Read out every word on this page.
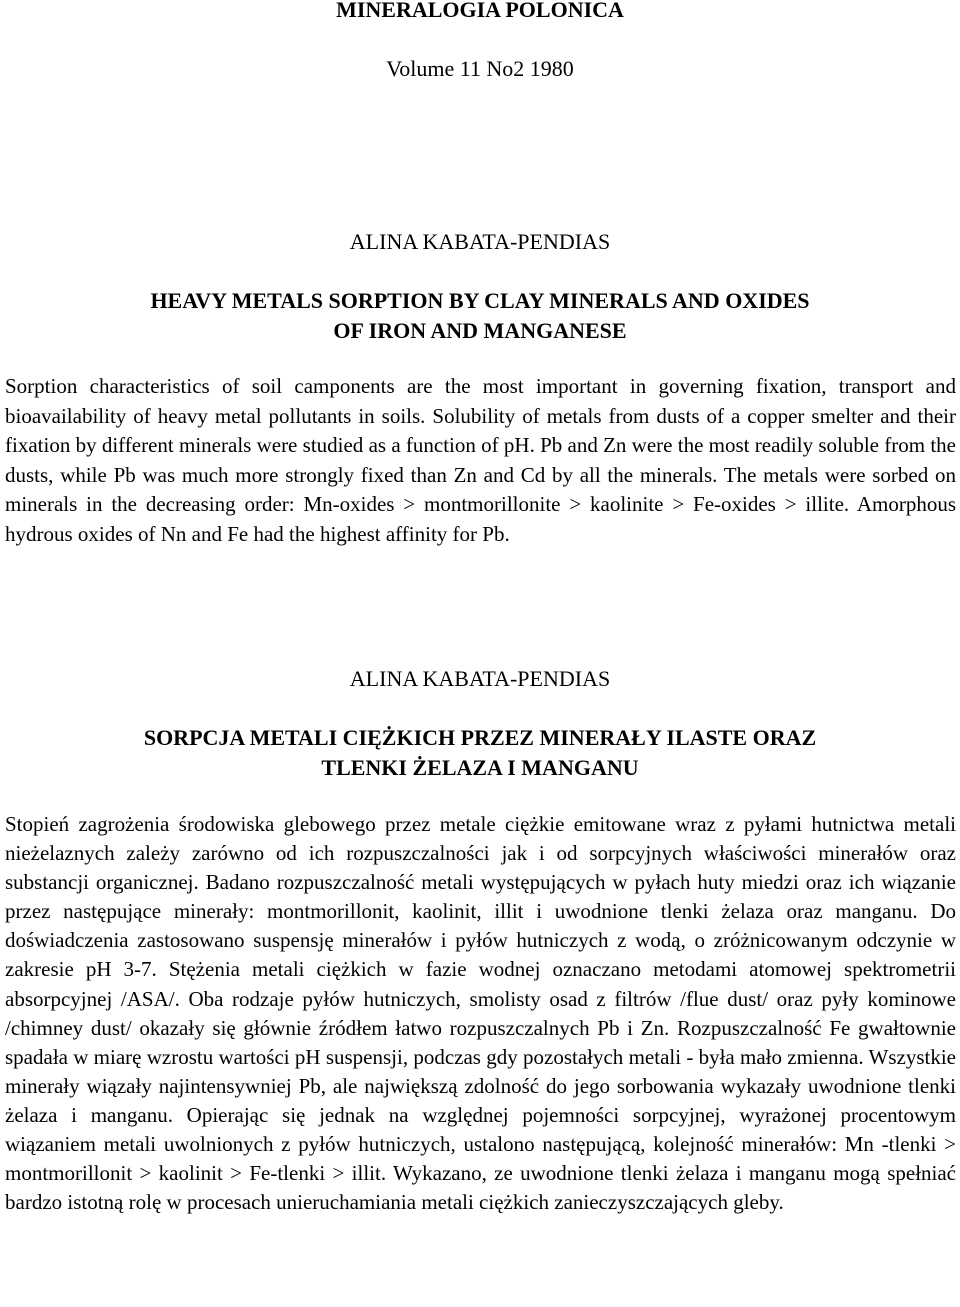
MINERALOGIA POLONICA
Volume 11 No2 1980
ALINA KABATA-PENDIAS
HEAVY METALS SORPTION BY CLAY MINERALS AND OXIDES
OF IRON AND MANGANESE

Sorption characteristics of soil camponents are the most important in governing fixation, transport and bioavailability of heavy metal pollutants in soils. Solubility of metals from dusts of a copper smelter and their fixation by different minerals were studied as a function of pH. Pb and Zn were the most readily soluble from the dusts, while Pb was much more strongly fixed than Zn and Cd by all the minerals. The metals were sorbed on minerals in the decreasing order: Mn-oxides > montmorillonite > kaolinite > Fe-oxides > illite. Amorphous hydrous oxides of Nn and Fe had the highest affinity for Pb.

ALINA KABATA-PENDIAS
SORPCJA METALI CIĘŻKICH PRZEZ MINERAŁY ILASTE ORAZ
TLENKI ŻELAZA I MANGANU

Stopień zagrożenia środowiska glebowego przez metale ciężkie emitowane wraz z pyłami hutnictwa metali nieżelaznych zależy zarówno od ich rozpuszczalności jak i od sorpcyjnych właściwości minerałów oraz substancji organicznej. Badano rozpuszczalność metali występujących w pyłach huty miedzi oraz ich wiązanie przez następujące minerały: montmorillonit, kaolinit, illit i uwodnione tlenki żelaza oraz manganu. Do doświadczenia zastosowano suspensję minerałów i pyłów hutniczych z wodą, o zróżnicowanym odczynie w zakresie pH 3-7. Stężenia metali ciężkich w fazie wodnej oznaczano metodami atomowej spektrometrii absorpcyjnej /ASA/. Oba rodzaje pyłów hutniczych, smolisty osad z filtrów /flue dust/ oraz pyły kominowe /chimney dust/ okazały się głównie źródłem łatwo rozpuszczalnych Pb i Zn. Rozpuszczalność Fe gwałtownie spadała w miarę wzrostu wartości pH suspensji, podczas gdy pozostałych metali - była mało zmienna. Wszystkie minerały wiązały najintensywniej Pb, ale największą zdolność do jego sorbowania wykazały uwodnione tlenki żelaza i manganu. Opierając się jednak na względnej pojemności sorpcyjnej, wyrażonej procentowym wiązaniem metali uwolnionych z pyłów hutniczych, ustalono następującą, kolejność minerałów: Mn -tlenki > montmorillonit > kaolinit > Fe-tlenki > illit. Wykazano, ze uwodnione tlenki żelaza i manganu mogą spełniać bardzo istotną rolę w procesach unieruchamiania metali ciężkich zanieczyszczających gleby.
